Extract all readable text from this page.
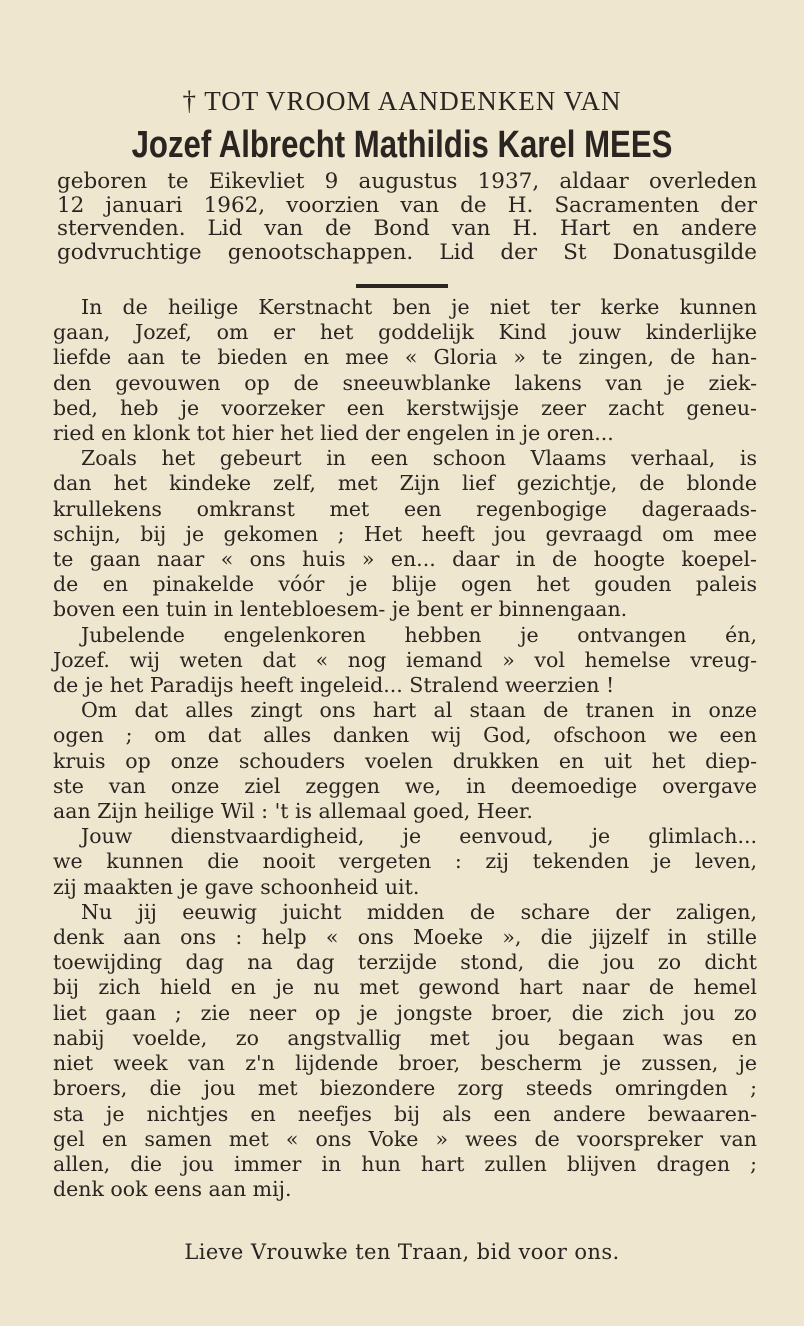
† TOT VROOM AANDENKEN VAN
Jozef Albrecht Mathildis Karel MEES
geboren te Eikevliet 9 augustus 1937, aldaar overleden
12 januari 1962, voorzien van de H. Sacramenten der
stervenden. Lid van de Bond van H. Hart en andere
godvruchtige genootschappen. Lid der St Donatusgilde
In de heilige Kerstnacht ben je niet ter kerke kunnen
gaan, Jozef, om er het goddelijk Kind jouw kinderlijke
liefde aan te bieden en mee « Gloria » te zingen, de han-
den gevouwen op de sneeuwblanke lakens van je ziek-
bed, heb je voorzeker een kerstwijsje zeer zacht geneu-
ried en klonk tot hier het lied der engelen in je oren...
Zoals het gebeurt in een schoon Vlaams verhaal, is
dan het kindeke zelf, met Zijn lief gezichtje, de blonde
krullekens omkranst met een regenbogige dageraads-
schijn, bij je gekomen ; Het heeft jou gevraagd om mee
te gaan naar « ons huis » en... daar in de hoogte koepel-
de en pinakelde vóór je blije ogen het gouden paleis
boven een tuin in lentebloesem- je bent er binnengaan.
Jubelende engelenkoren hebben je ontvangen én,
Jozef. wij weten dat « nog iemand » vol hemelse vreug-
de je het Paradijs heeft ingeleid... Stralend weerzien !
Om dat alles zingt ons hart al staan de tranen in onze
ogen ; om dat alles danken wij God, ofschoon we een
kruis op onze schouders voelen drukken en uit het diep-
ste van onze ziel zeggen we, in deemoedige overgave
aan Zijn heilige Wil : 't is allemaal goed, Heer.
Jouw dienstvaardigheid, je eenvoud, je glimlach...
we kunnen die nooit vergeten : zij tekenden je leven,
zij maakten je gave schoonheid uit.
Nu jij eeuwig juicht midden de schare der zaligen,
denk aan ons : help « ons Moeke », die jijzelf in stille
toewijding dag na dag terzijde stond, die jou zo dicht
bij zich hield en je nu met gewond hart naar de hemel
liet gaan ; zie neer op je jongste broer, die zich jou zo
nabij voelde, zo angstvallig met jou begaan was en
niet week van z'n lijdende broer, bescherm je zussen, je
broers, die jou met biezondere zorg steeds omringden ;
sta je nichtjes en neefjes bij als een andere bewaaren-
gel en samen met « ons Voke » wees de voorspreker van
allen, die jou immer in hun hart zullen blijven dragen ;
denk ook eens aan mij.
Lieve Vrouwke ten Traan, bid voor ons.
